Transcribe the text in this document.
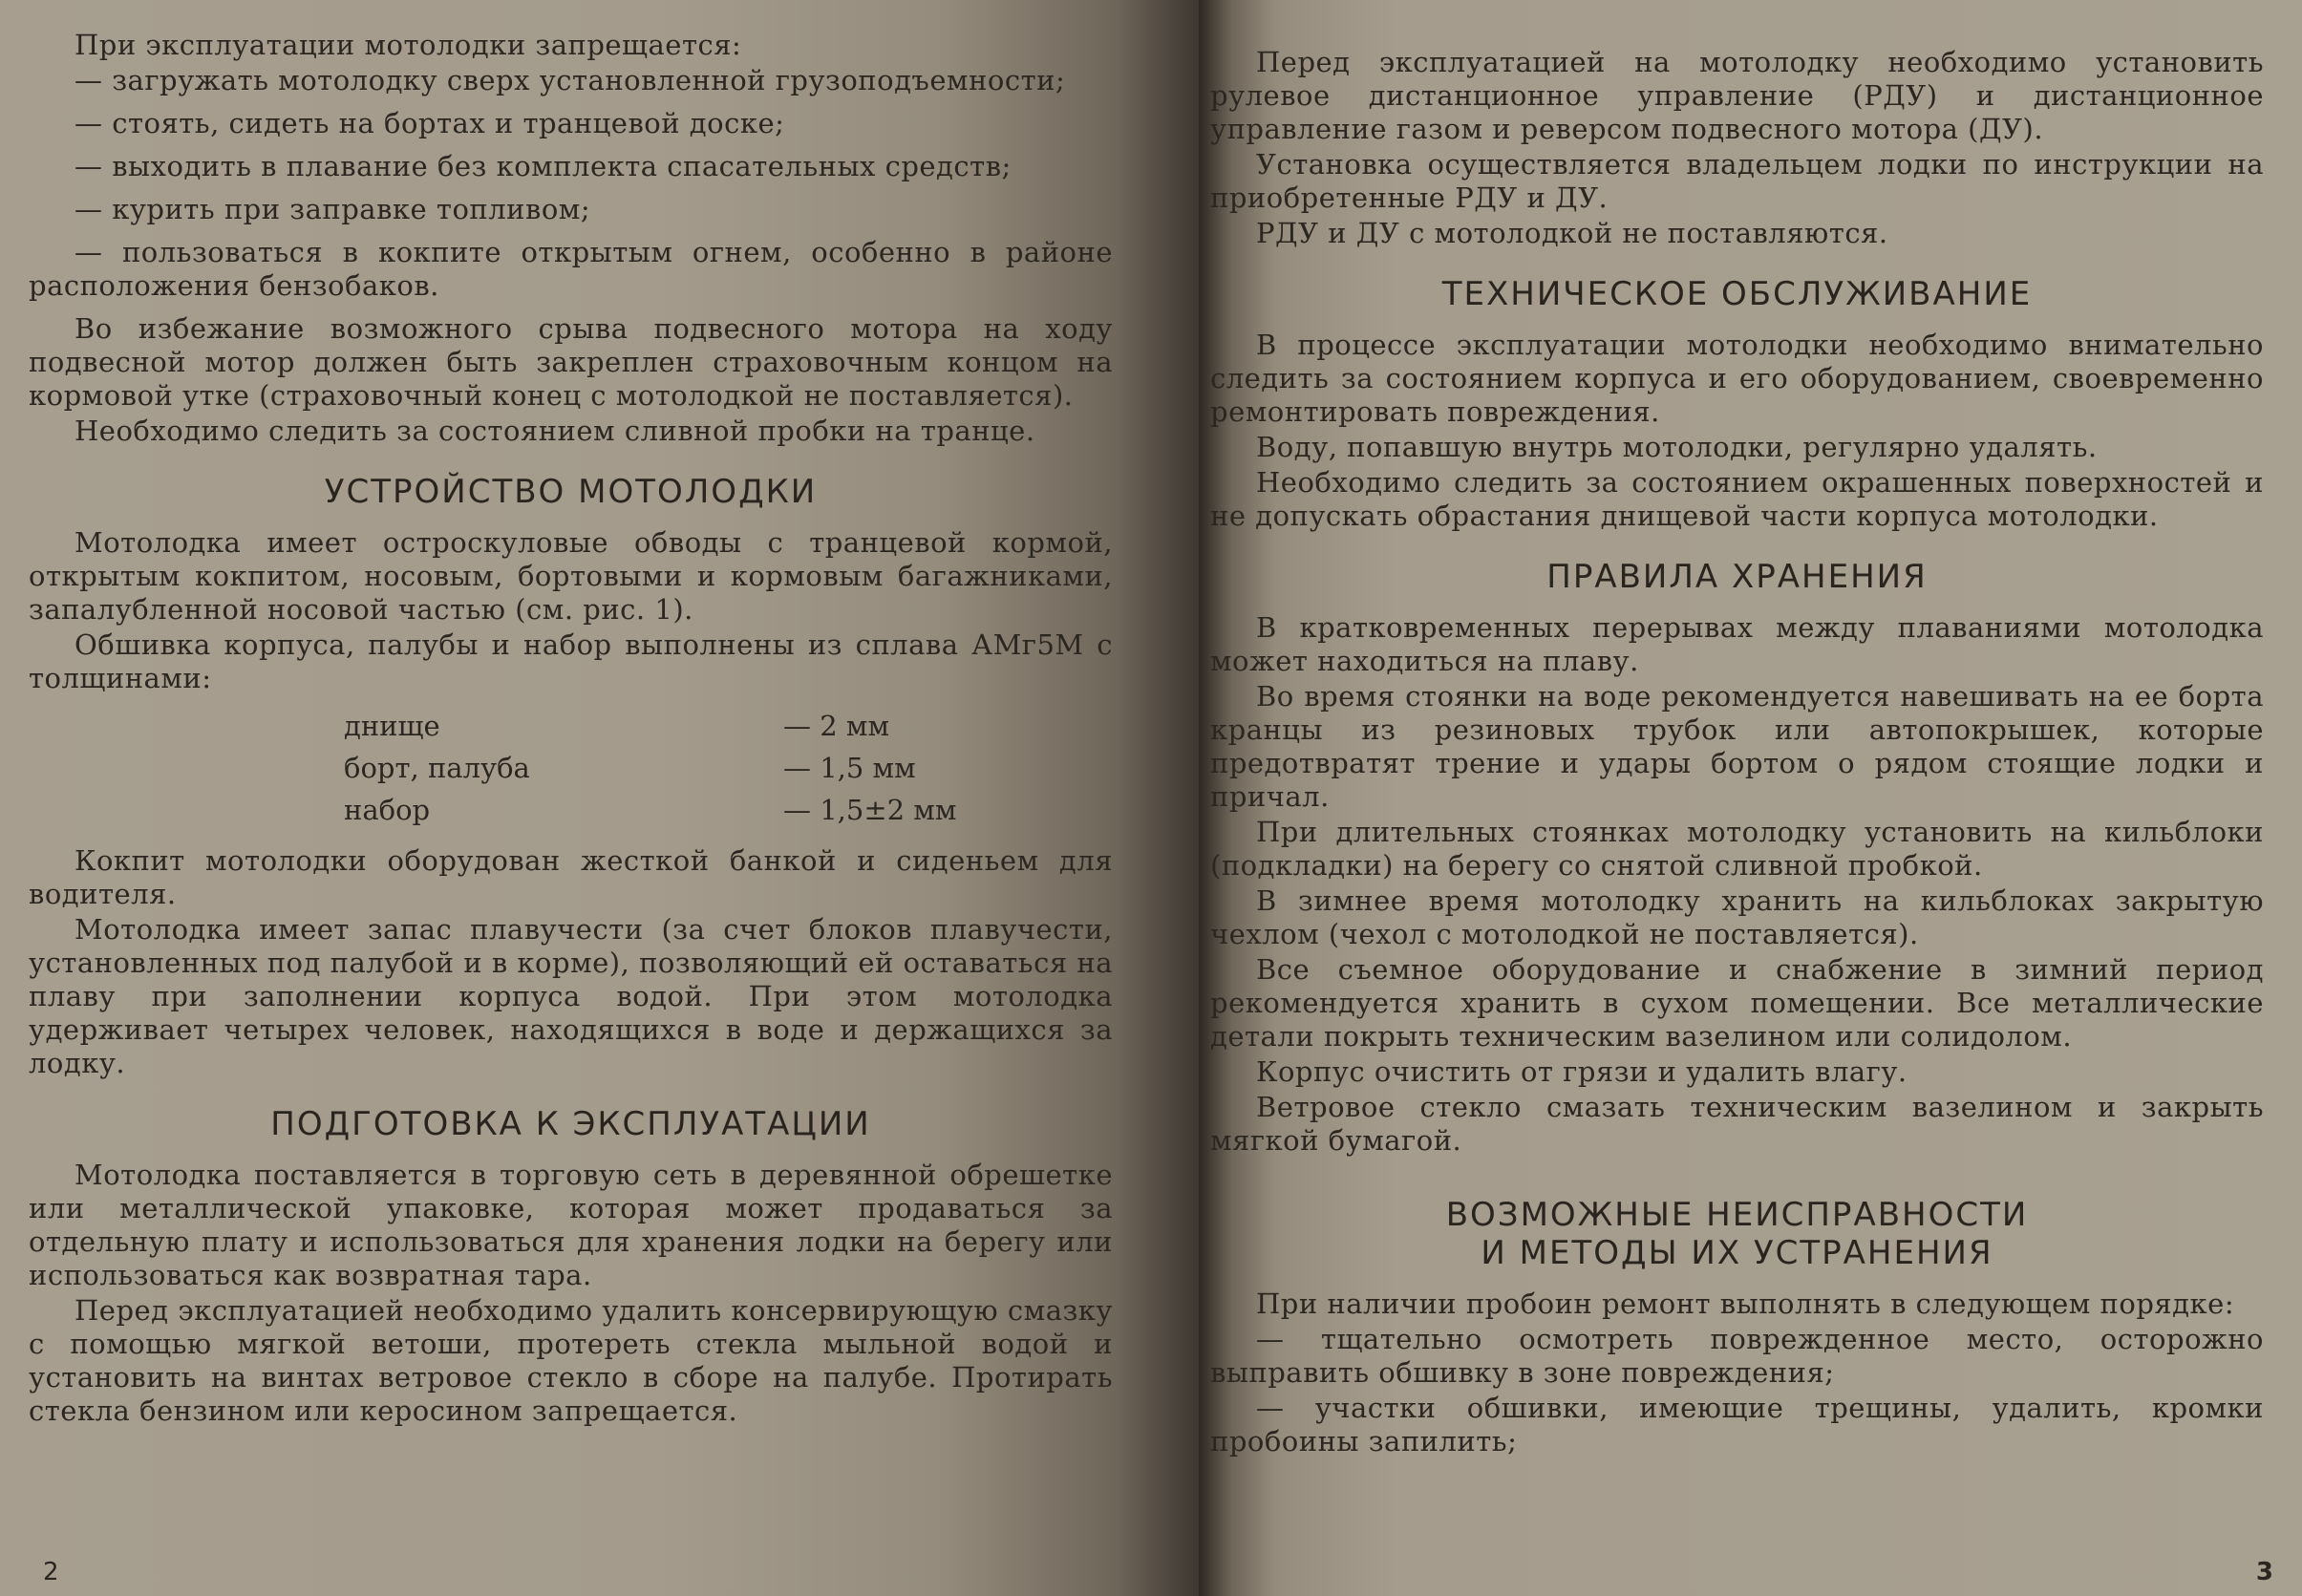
При эксплуатации мотолодки запрещается:

— загружать мотолодку сверх установленной грузоподъемности;

— стоять, сидеть на бортах и транцевой доске;

— выходить в плавание без комплекта спасательных средств;

— курить при заправке топливом;

— пользоваться в кокпите открытым огнем, особенно в районе расположения бензобаков.

Во избежание возможного срыва подвесного мотора на ходу подвесной мотор должен быть закреплен страховочным концом на кормовой утке (страховочный конец с мотолодкой не поставляется).

Необходимо следить за состоянием сливной пробки на транце.

УСТРОЙСТВО МОТОЛОДКИ

Мотолодка имеет остроскуловые обводы с транцевой кормой, открытым кокпитом, носовым, бортовыми и кормовым багажниками, запалубленной носовой частью (см. рис. 1).

Обшивка корпуса, палубы и набор выполнены из сплава АМг5М с толщинами:

днище	— 2 мм
борт, палуба	— 1,5 мм
набор	— 1,5±2 мм

Кокпит мотолодки оборудован жесткой банкой и сиденьем для водителя.

Мотолодка имеет запас плавучести (за счет блоков плавучести, установленных под палубой и в корме), позволяющий ей оставаться на плаву при заполнении корпуса водой. При этом мотолодка удерживает четырех человек, находящихся в воде и держащихся за лодку.

ПОДГОТОВКА К ЭКСПЛУАТАЦИИ

Мотолодка поставляется в торговую сеть в деревянной обрешетке или металлической упаковке, которая может продаваться за отдельную плату и использоваться для хранения лодки на берегу или использоваться как возвратная тара.

Перед эксплуатацией необходимо удалить консервирующую смазку с помощью мягкой ветоши, протереть стекла мыльной водой и установить на винтах ветровое стекло в сборе на палубе. Протирать стекла бензином или керосином запрещается.

2

Перед эксплуатацией на мотолодку необходимо установить рулевое дистанционное управление (РДУ) и дистанционное управление газом и реверсом подвесного мотора (ДУ).

Установка осуществляется владельцем лодки по инструкции на приобретенные РДУ и ДУ.

РДУ и ДУ с мотолодкой не поставляются.

ТЕХНИЧЕСКОЕ ОБСЛУЖИВАНИЕ

В процессе эксплуатации мотолодки необходимо внимательно следить за состоянием корпуса и его оборудованием, своевременно ремонтировать повреждения.

Воду, попавшую внутрь мотолодки, регулярно удалять.

Необходимо следить за состоянием окрашенных поверхностей и не допускать обрастания днищевой части корпуса мотолодки.

ПРАВИЛА ХРАНЕНИЯ

В кратковременных перерывах между плаваниями мотолодка может находиться на плаву.

Во время стоянки на воде рекомендуется навешивать на ее борта кранцы из резиновых трубок или автопокрышек, которые предотвратят трение и удары бортом о рядом стоящие лодки и причал.

При длительных стоянках мотолодку установить на кильблоки (подкладки) на берегу со снятой сливной пробкой.

В зимнее время мотолодку хранить на кильблоках закрытую чехлом (чехол с мотолодкой не поставляется).

Все съемное оборудование и снабжение в зимний период рекомендуется хранить в сухом помещении. Все металлические детали покрыть техническим вазелином или солидолом.

Корпус очистить от грязи и удалить влагу.

Ветровое стекло смазать техническим вазелином и закрыть мягкой бумагой.

ВОЗМОЖНЫЕ НЕИСПРАВНОСТИ
И МЕТОДЫ ИХ УСТРАНЕНИЯ

При наличии пробоин ремонт выполнять в следующем порядке:

— тщательно осмотреть поврежденное место, осторожно выправить обшивку в зоне повреждения;

— участки обшивки, имеющие трещины, удалить, кромки пробоины запилить;

3
